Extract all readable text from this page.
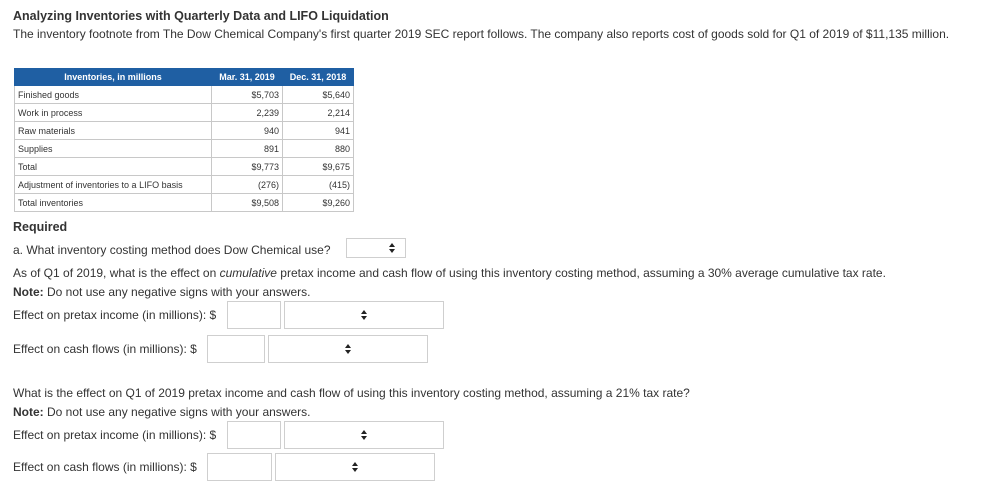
Analyzing Inventories with Quarterly Data and LIFO Liquidation
The inventory footnote from The Dow Chemical Company's first quarter 2019 SEC report follows. The company also reports cost of goods sold for Q1 of 2019 of $11,135 million.
Inventories, in millions	Mar. 31, 2019	Dec. 31, 2018
Finished goods	$5,703	$5,640
Work in process	2,239	2,214
Raw materials	940	941
Supplies	891	880
Total	$9,773	$9,675
Adjustment of inventories to a LIFO basis	(276)	(415)
Total inventories	$9,508	$9,260
Required
a. What inventory costing method does Dow Chemical use?
As of Q1 of 2019, what is the effect on cumulative pretax income and cash flow of using this inventory costing method, assuming a 30% average cumulative tax rate.
Note: Do not use any negative signs with your answers.
Effect on pretax income (in millions): $
Effect on cash flows (in millions): $
What is the effect on Q1 of 2019 pretax income and cash flow of using this inventory costing method, assuming a 21% tax rate?
Note: Do not use any negative signs with your answers.
Effect on pretax income (in millions): $
Effect on cash flows (in millions): $
